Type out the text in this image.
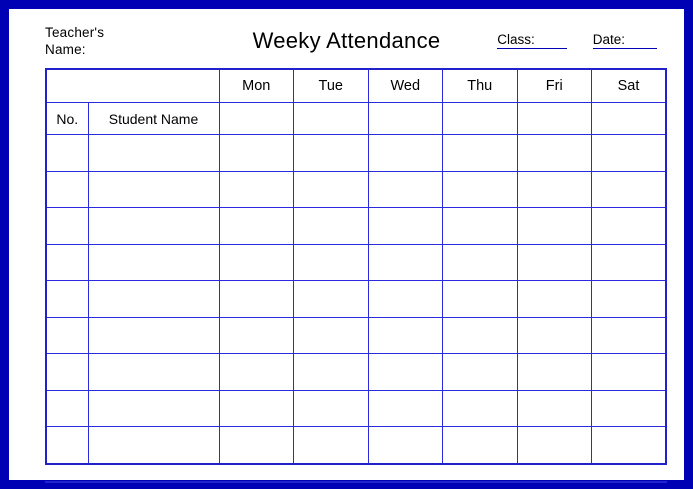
Teacher's
Name:	Weeky Attendance	Class:	Date:
		Mon	Tue	Wed	Thu	Fri	Sat
No.	Student Name						
